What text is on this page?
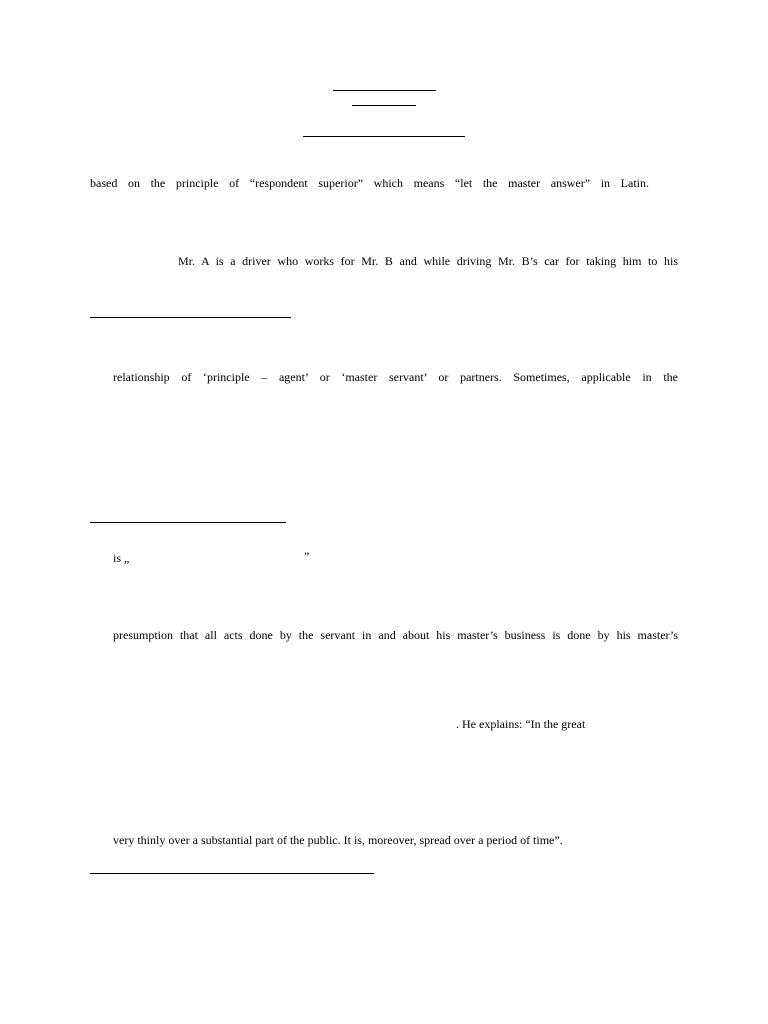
based on the principle of “respondent superior” which means “let the master answer” in Latin.
Mr. A is a driver who works for Mr. B and while driving Mr. B’s car for taking him to his
relationship of ‘principle – agent’ or ‘master servant’ or partners. Sometimes, applicable in the
is „	”
presumption that all acts done by the servant in and about his master’s business is done by his master’s
. He explains: “In the great
very thinly over a substantial part of the public. It is, moreover, spread over a period of time”.
